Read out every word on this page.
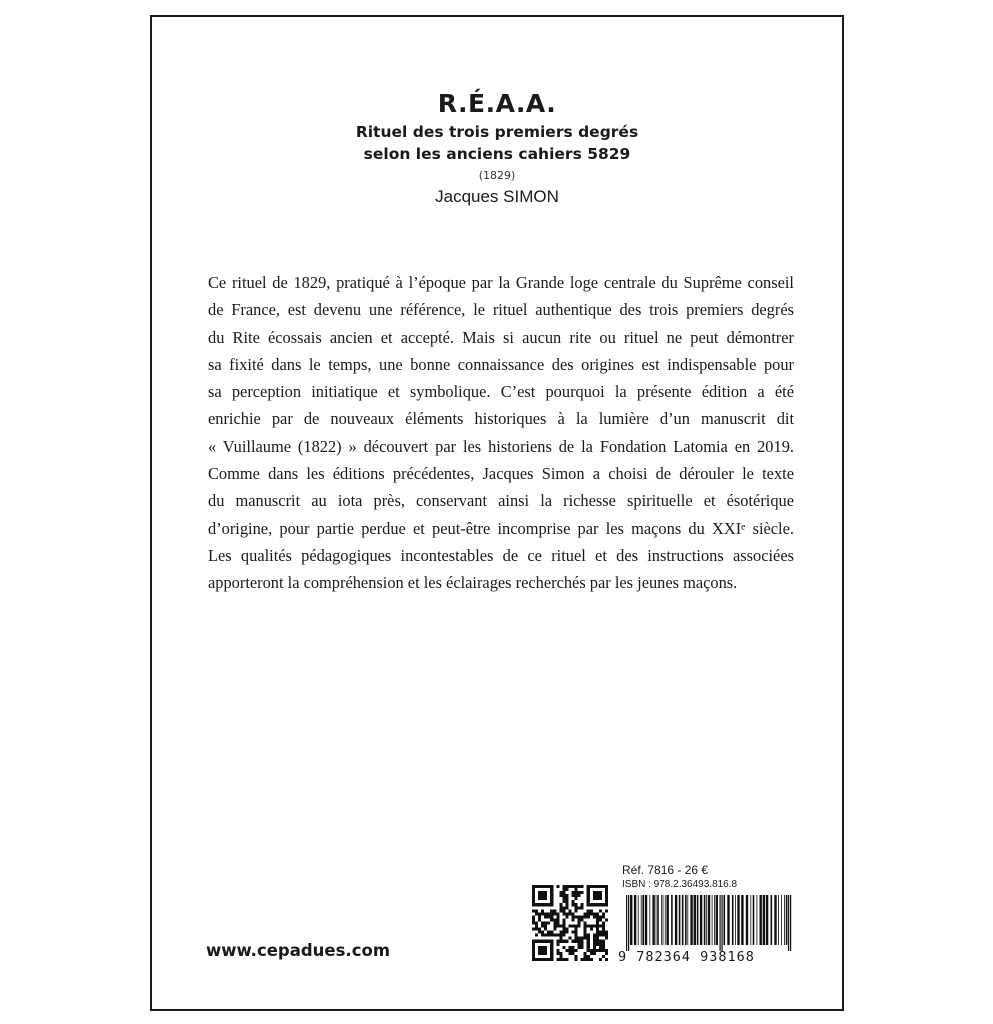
R.É.A.A.
Rituel des trois premiers degrés
selon les anciens cahiers 5829
(1829)
Jacques SIMON
Ce rituel de 1829, pratiqué à l’époque par la Grande loge centrale du Suprême conseil
de France, est devenu une référence, le rituel authentique des trois premiers degrés
du Rite écossais ancien et accepté. Mais si aucun rite ou rituel ne peut démontrer
sa fixité dans le temps, une bonne connaissance des origines est indispensable pour
sa perception initiatique et symbolique. C’est pourquoi la présente édition a été
enrichie par de nouveaux éléments historiques à la lumière d’un manuscrit dit
« Vuillaume (1822) » découvert par les historiens de la Fondation Latomia en 2019.
Comme dans les éditions précédentes, Jacques Simon a choisi de dérouler le texte
du manuscrit au iota près, conservant ainsi la richesse spirituelle et ésotérique
d’origine, pour partie perdue et peut-être incomprise par les maçons du XXIᵉ siècle.
Les qualités pédagogiques incontestables de ce rituel et des instructions associées
apporteront la compréhension et les éclairages recherchés par les jeunes maçons.
www.cepadues.com
Réf. 7816 - 26 €
ISBN : 978.2.36493.816.8
9 782364 938168
